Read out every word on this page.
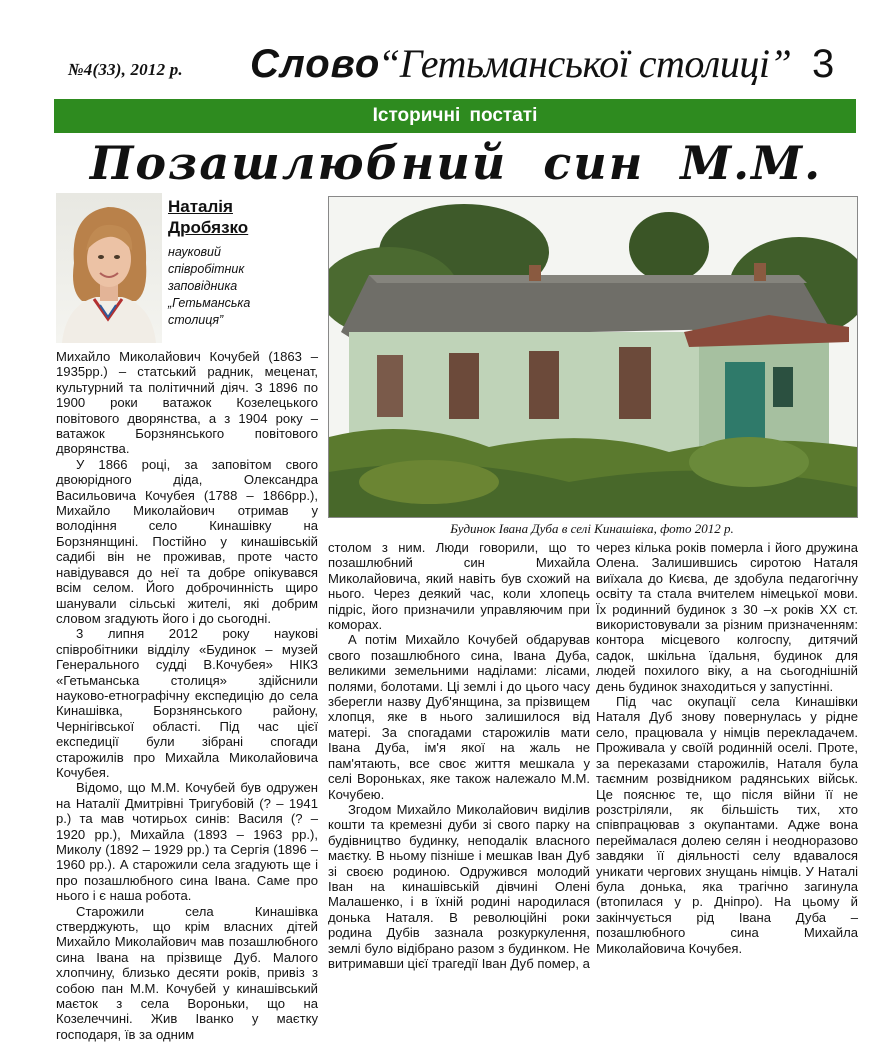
№4(33), 2012 р. Слово
“Гетьманської столиці” 3
Історичні постаті
Позашлюбний син М.М.
Наталія
Дробязко
науковий
співробітник
заповідника
„Гетьманська
столиця”
Будинок Івана Дуба в селі Кинашівка, фото 2012 р.

Михайло Миколайович Кочубей (1863 – 1935рр.) – статський радник, меценат, культурний та політичний діяч. З 1896 по 1900 роки ватажок Козелецького повітового дворянства, а з 1904 року – ватажок Борзнянського повітового дворянства.

У 1866 році, за заповітом свого двоюрідного діда, Олександра Васильовича Кочубея (1788 – 1866рр.), Михайло Миколайович отримав у володіння село Кинашівку на Борзнянщині. Постійно у кинашівській садибі він не проживав, проте часто навідувався до неї та добре опікувався всім селом. Його доброчинність щиро шанували сільські жителі, які добрим словом згадують його і до сьогодні.

3 липня 2012 року наукові співробітники відділу «Будинок – музей Генерального судді В.Кочубея» НІКЗ «Гетьманська столиця» здійснили науково-етнографічну експедицію до села Кинашівка, Борзнянського району, Чернігівської області. Під час цієї експедиції були зібрані спогади старожилів про Михайла Миколайовича Кочубея.

Відомо, що М.М. Кочубей був одружен на Наталії Дмитрівні Тригубовій (? – 1941 р.) та мав чотирьох синів: Василя (? – 1920 рр.), Михайла (1893 – 1963 рр.), Миколу (1892 – 1929 рр.) та Сергія (1896 – 1960 рр.). А старожили села згадують ще і про позашлюбного сина Івана. Саме про нього і є наша робота.

Старожили села Кинашівка стверджують, що крім власних дітей Михайло Миколайович мав позашлюбного сина Івана на прізвище Дуб. Малого хлопчину, близько десяти років, привіз з собою пан М.М. Кочубей у кинашівський маєток з села Вороньки, що на Козелеччині. Жив Іванко у маєтку господаря, їв за одним

столом з ним. Люди говорили, що то позашлюбний син Михайла Миколайовича, який навіть був схожий на нього. Через деякий час, коли хлопець підріс, його призначили управляючим при коморах.

А потім Михайло Кочубей обдарував свого позашлюбного сина, Івана Дуба, великими земельними наділами: лісами, полями, болотами. Ці землі і до цього часу зберегли назву Дуб'янщина, за прізвищем хлопця, яке в нього залишилося від матері. За спогадами старожилів мати Івана Дуба, ім'я якої на жаль не пам'ятають, все своє життя мешкала у селі Вороньках, яке також належало М.М. Кочубею.

Згодом Михайло Миколайович виділив кошти та кремезні дуби зі свого парку на будівництво будинку, неподалік власного маєтку. В ньому пізніше і мешкав Іван Дуб зі своєю родиною. Одружився молодий Іван на кинашівській дівчині Олені Малашенко, і в їхній родині народилася донька Наталя. В революційні роки родина Дубів зазнала розкуркулення, землі було відібрано разом з будинком. Не витримавши цієї трагедії Іван Дуб помер, а

через кілька років померла і його дружина Олена. Залишившись сиротою Наталя виїхала до Києва, де здобула педагогічну освіту та стала вчителем німецької мови. Їх родинний будинок з 30 –х років ХХ ст. використовували за різним призначенням: контора місцевого колгоспу, дитячий садок, шкільна їдальня, будинок для людей похилого віку, а на сьогоднішній день будинок знаходиться у запустінні.

Під час окупації села Кинашівки Наталя Дуб знову повернулась у рідне село, працювала у німців перекладачем. Проживала у своїй родинній оселі. Проте, за переказами старожилів, Наталя була таємним розвідником радянських військ. Це пояснює те, що після війни її не розстріляли, як більшість тих, хто співпрацював з окупантами. Адже вона переймалася долею селян і неодноразово завдяки її діяльності селу вдавалося уникати чергових знущань німців. У Наталі була донька, яка трагічно загинула (втопилася у р. Дніпро). На цьому й закінчується рід Івана Дуба – позашлюбного сина Михайла Миколайовича Кочубея.
